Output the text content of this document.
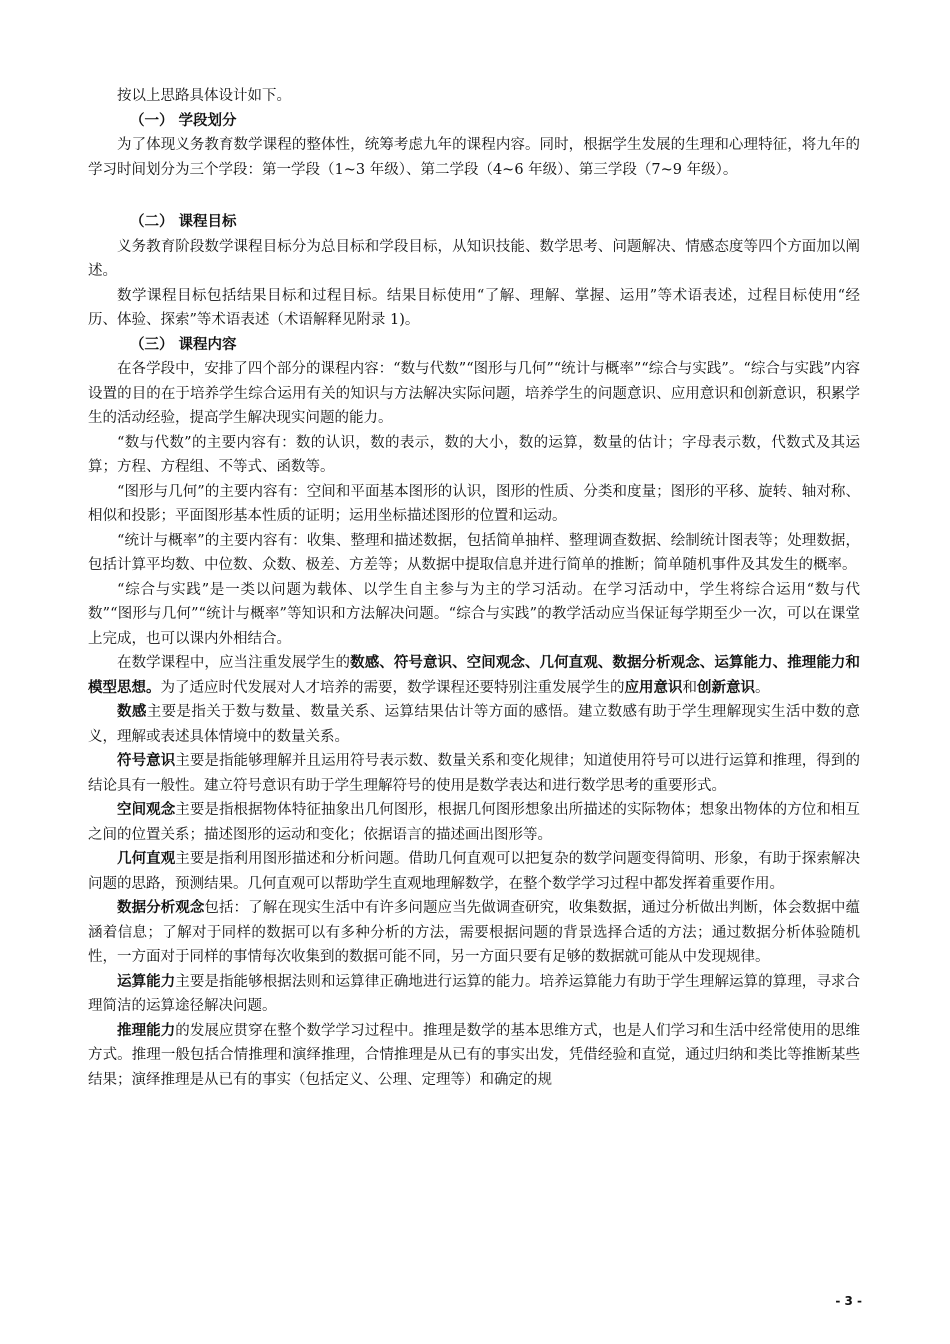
按以上思路具体设计如下。

（一） 学段划分

为了体现义务教育数学课程的整体性，统筹考虑九年的课程内容。同时，根据学生发展的生理和心理特征，将九年的学习时间划分为三个学段：第一学段（1~3 年级）、第二学段（4~6 年级）、第三学段（7~9 年级）。

（二） 课程目标

义务教育阶段数学课程目标分为总目标和学段目标，从知识技能、数学思考、问题解决、情感态度等四个方面加以阐述。

数学课程目标包括结果目标和过程目标。结果目标使用“了解、理解、掌握、运用”等术语表述，过程目标使用“经历、体验、探索”等术语表述（术语解释见附录 1)。

（三） 课程内容

在各学段中，安排了四个部分的课程内容：“数与代数”“图形与几何”“统计与概率”“综合与实践”。“综合与实践”内容设置的目的在于培养学生综合运用有关的知识与方法解决实际问题，培养学生的问题意识、应用意识和创新意识，积累学生的活动经验，提高学生解决现实问题的能力。

“数与代数”的主要内容有：数的认识，数的表示，数的大小，数的运算，数量的估计；字母表示数，代数式及其运算；方程、方程组、不等式、函数等。

“图形与几何”的主要内容有：空间和平面基本图形的认识，图形的性质、分类和度量；图形的平移、旋转、轴对称、相似和投影；平面图形基本性质的证明；运用坐标描述图形的位置和运动。

“统计与概率”的主要内容有：收集、整理和描述数据，包括简单抽样、整理调查数据、绘制统计图表等；处理数据，包括计算平均数、中位数、众数、极差、方差等；从数据中提取信息并进行简单的推断；简单随机事件及其发生的概率。

“综合与实践”是一类以问题为载体、以学生自主参与为主的学习活动。在学习活动中，学生将综合运用“数与代数”“图形与几何”“统计与概率”等知识和方法解决问题。“综合与实践”的教学活动应当保证每学期至少一次，可以在课堂上完成，也可以课内外相结合。

在数学课程中，应当注重发展学生的数感、符号意识、空间观念、几何直观、数据分析观念、运算能力、推理能力和模型思想。为了适应时代发展对人才培养的需要，数学课程还要特别注重发展学生的应用意识和创新意识。

数感主要是指关于数与数量、数量关系、运算结果估计等方面的感悟。建立数感有助于学生理解现实生活中数的意义，理解或表述具体情境中的数量关系。

符号意识主要是指能够理解并且运用符号表示数、数量关系和变化规律；知道使用符号可以进行运算和推理，得到的结论具有一般性。建立符号意识有助于学生理解符号的使用是数学表达和进行数学思考的重要形式。

空间观念主要是指根据物体特征抽象出几何图形，根据几何图形想象出所描述的实际物体；想象出物体的方位和相互之间的位置关系；描述图形的运动和变化；依据语言的描述画出图形等。

几何直观主要是指利用图形描述和分析问题。借助几何直观可以把复杂的数学问题变得简明、形象，有助于探索解决问题的思路，预测结果。几何直观可以帮助学生直观地理解数学，在整个数学学习过程中都发挥着重要作用。

数据分析观念包括：了解在现实生活中有许多问题应当先做调查研究，收集数据，通过分析做出判断，体会数据中蕴涵着信息；了解对于同样的数据可以有多种分析的方法，需要根据问题的背景选择合适的方法；通过数据分析体验随机性，一方面对于同样的事情每次收集到的数据可能不同，另一方面只要有足够的数据就可能从中发现规律。

运算能力主要是指能够根据法则和运算律正确地进行运算的能力。培养运算能力有助于学生理解运算的算理，寻求合理简洁的运算途径解决问题。

推理能力的发展应贯穿在整个数学学习过程中。推理是数学的基本思维方式，也是人们学习和生活中经常使用的思维方式。推理一般包括合情推理和演绎推理，合情推理是从已有的事实出发，凭借经验和直觉，通过归纳和类比等推断某些结果；演绎推理是从已有的事实（包括定义、公理、定理等）和确定的规

- 3 -
